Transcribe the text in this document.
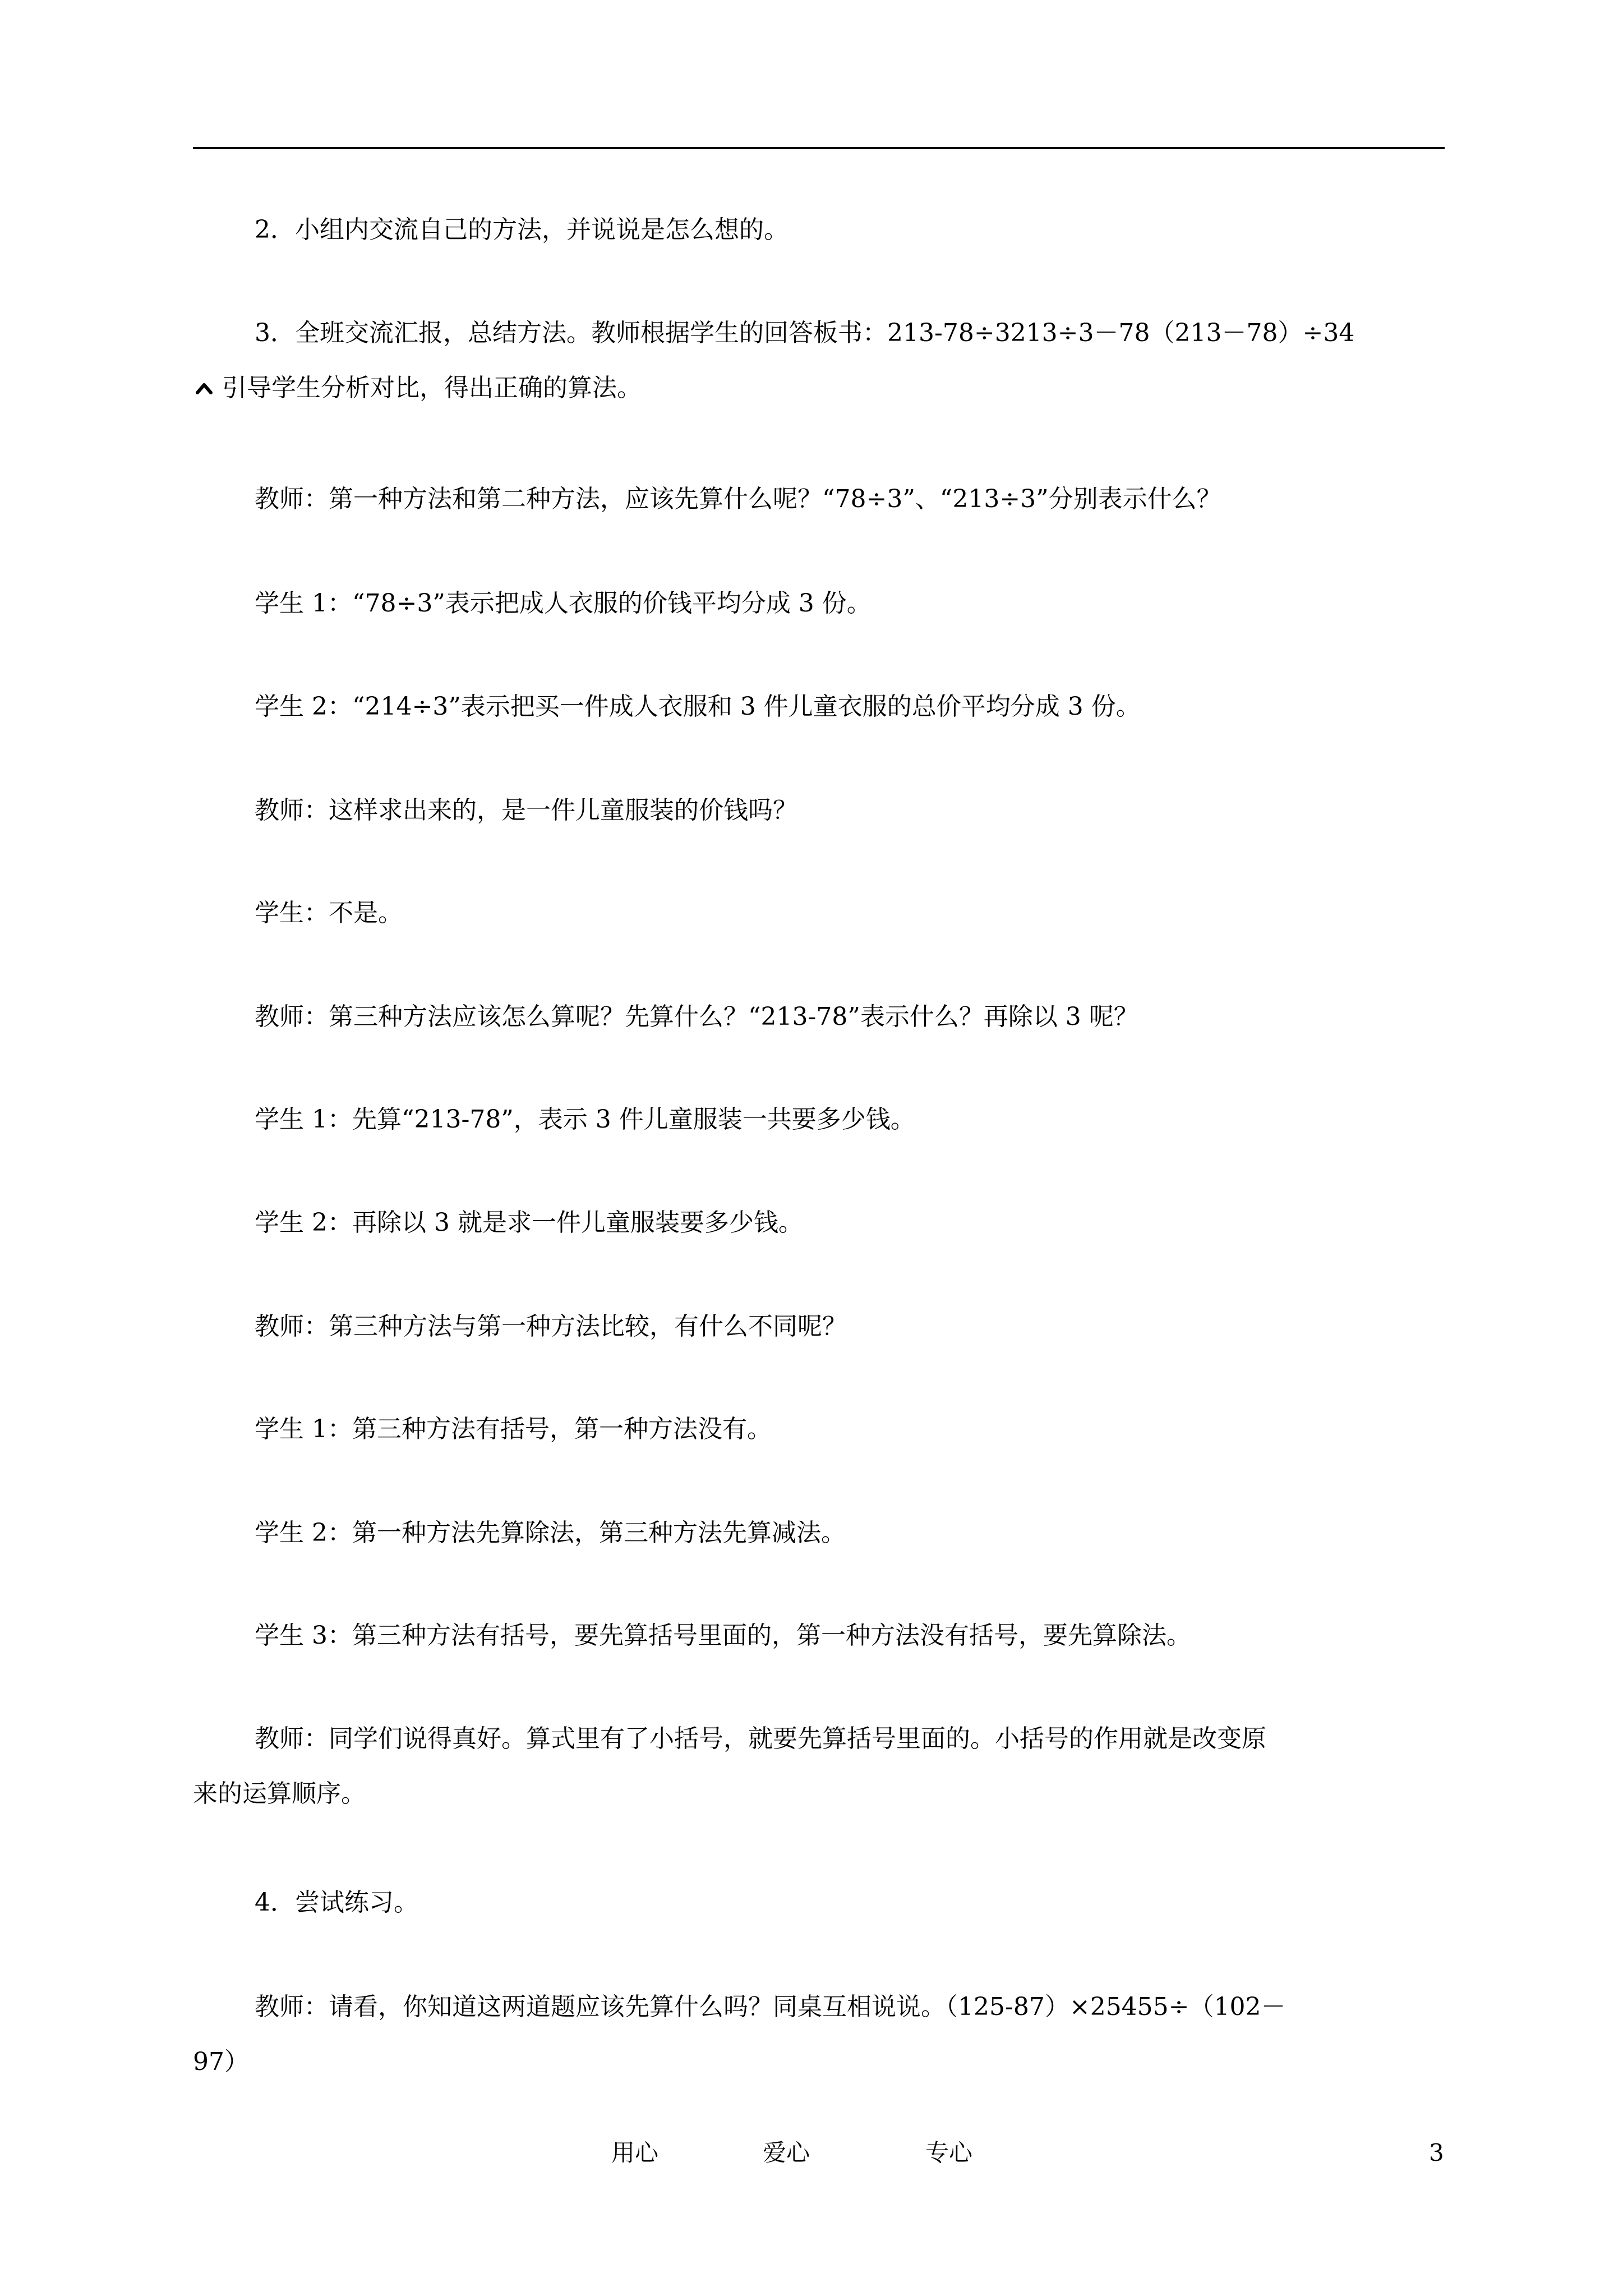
2．小组内交流自己的方法，并说说是怎么想的。
3．全班交流汇报，总结方法。教师根据学生的回答板书：213-78÷3213÷3－78（213－78）÷34
引导学生分析对比，得出正确的算法。
教师：第一种方法和第二种方法，应该先算什么呢？“78÷3”、“213÷3”分别表示什么？
学生 1：“78÷3”表示把成人衣服的价钱平均分成 3 份。
学生 2：“214÷3”表示把买一件成人衣服和 3 件儿童衣服的总价平均分成 3 份。
教师：这样求出来的，是一件儿童服装的价钱吗？
学生：不是。
教师：第三种方法应该怎么算呢？先算什么？“213-78”表示什么？再除以 3 呢？
学生 1：先算“213-78”，表示 3 件儿童服装一共要多少钱。
学生 2：再除以 3 就是求一件儿童服装要多少钱。
教师：第三种方法与第一种方法比较，有什么不同呢？
学生 1：第三种方法有括号，第一种方法没有。
学生 2：第一种方法先算除法，第三种方法先算减法。
学生 3：第三种方法有括号，要先算括号里面的，第一种方法没有括号，要先算除法。
教师：同学们说得真好。算式里有了小括号，就要先算括号里面的。小括号的作用就是改变原
来的运算顺序。
4．尝试练习。
教师：请看，你知道这两道题应该先算什么吗？同桌互相说说。（125-87）×25455÷（102－
97）
用心	爱心	专心	3
